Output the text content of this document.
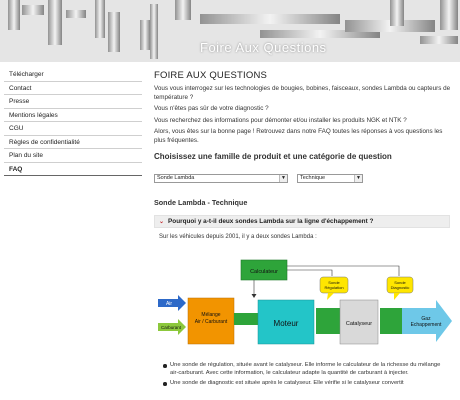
Foire Aux Questions
Télécharger
Contact
Presse
Mentions légales
CGU
Règles de confidentialité
Plan du site
FAQ
FOIRE AUX QUESTIONS

Vous vous interrogez sur les technologies de bougies, bobines, faisceaux, sondes Lambda ou capteurs de température ?

Vous n'êtes pas sûr de votre diagnostic ?

Vous recherchez des informations pour démonter et/ou installer les produits NGK et NTK ?

Alors, vous êtes sur la bonne page ! Retrouvez dans notre FAQ toutes les réponses à vos questions les plus fréquentes.

Choisissez une famille de produit et une catégorie de question
Sonde Lambda	▼	Technique	▼
Sonde Lambda - Technique
⌄ Pourquoi y a-t-il deux sondes Lambda sur la ligne d'échappement ?
Sur les véhicules depuis 2001, il y a deux sondes Lambda :
Calculateur
Sonde
Régulation
Sonde
Diagnostic
Air
Carburant
Mélange
Air / Carburant	Moteur	Catalyseur
Gaz
Echappement
Une sonde de régulation, située avant le catalyseur. Elle informe le calculateur de la richesse du mélange air-carburant. Avec cette information, le calculateur adapte la quantité de carburant à injecter.
Une sonde de diagnostic est située après le catalyseur. Elle vérifie si le catalyseur convertit
